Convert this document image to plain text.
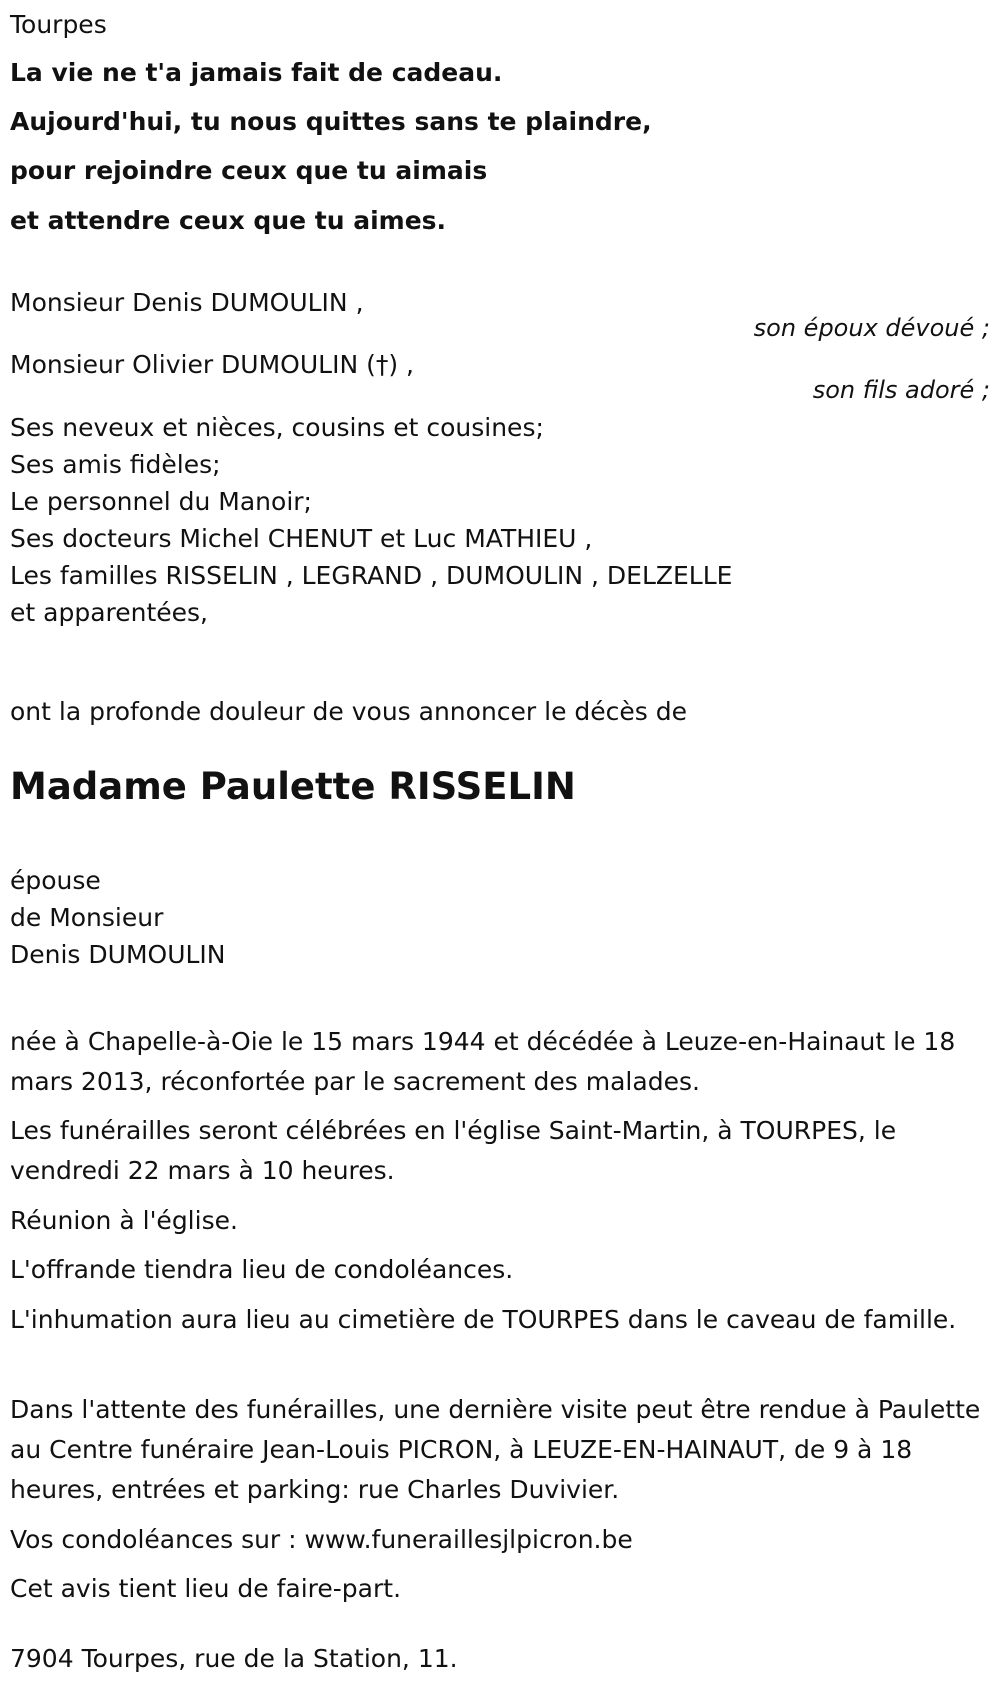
Tourpes
La vie ne t'a jamais fait de cadeau.
Aujourd'hui, tu nous quittes sans te plaindre,
pour rejoindre ceux que tu aimais
et attendre ceux que tu aimes.
Monsieur Denis DUMOULIN ,
son époux dévoué ;
Monsieur Olivier DUMOULIN (†) ,
son fils adoré ;
Ses neveux et nièces, cousins et cousines;
Ses amis fidèles;
Le personnel du Manoir;
Ses docteurs Michel CHENUT et Luc MATHIEU ,
Les familles RISSELIN , LEGRAND , DUMOULIN , DELZELLE
et apparentées,
ont la profonde douleur de vous annoncer le décès de
Madame Paulette RISSELIN
épouse
de Monsieur
Denis DUMOULIN
née à Chapelle-à-Oie le 15 mars 1944 et décédée à Leuze-en-Hainaut le 18 mars 2013, réconfortée par le sacrement des malades.
Les funérailles seront célébrées en l'église Saint-Martin, à TOURPES, le vendredi 22 mars à 10 heures.
Réunion à l'église.
L'offrande tiendra lieu de condoléances.
L'inhumation aura lieu au cimetière de TOURPES dans le caveau de famille.
Dans l'attente des funérailles, une dernière visite peut être rendue à Paulette au Centre funéraire Jean-Louis PICRON, à LEUZE-EN-HAINAUT, de 9 à 18 heures, entrées et parking: rue Charles Duvivier.
Vos condoléances sur : www.funeraillesjlpicron.be
Cet avis tient lieu de faire-part.
7904 Tourpes, rue de la Station, 11.
